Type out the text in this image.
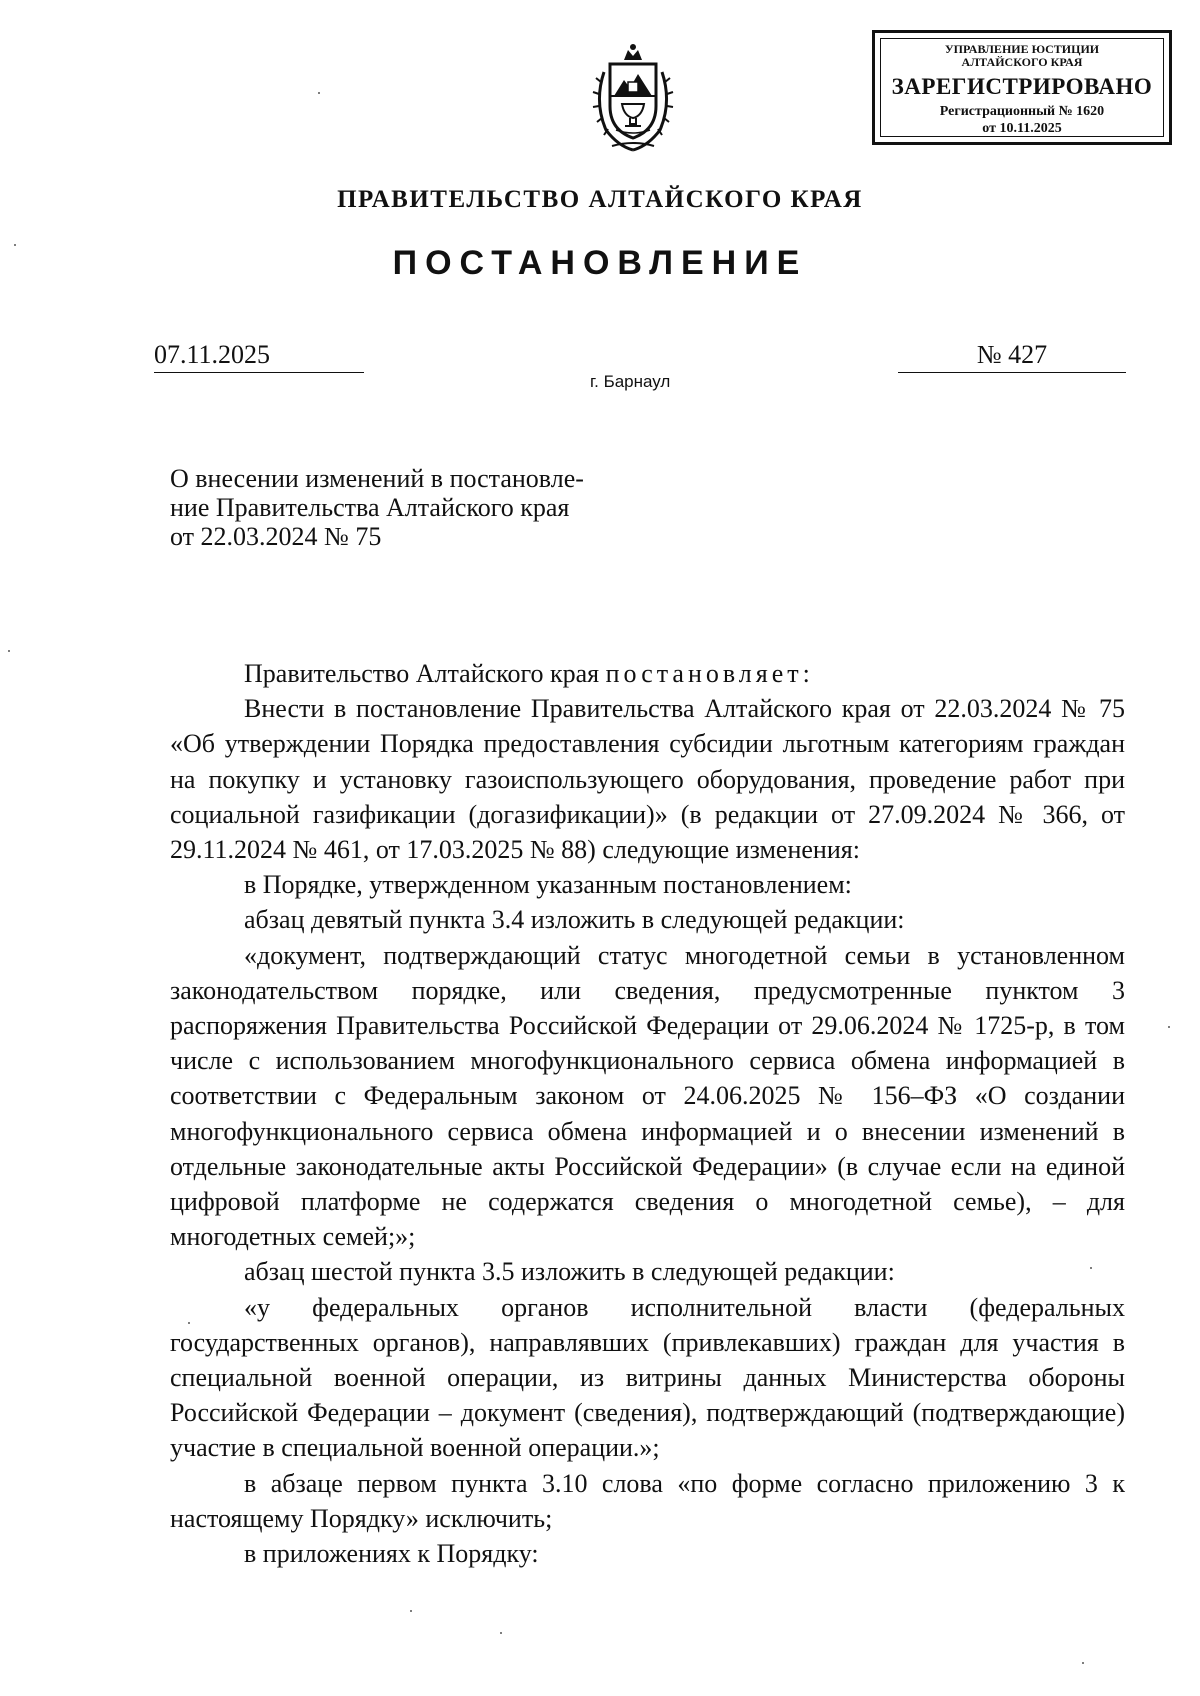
УПРАВЛЕНИЕ ЮСТИЦИИ
АЛТАЙСКОГО КРАЯ
ЗАРЕГИСТРИРОВАНО
Регистрационный № 1620
от 10.11.2025
ПРАВИТЕЛЬСТВО АЛТАЙСКОГО КРАЯ
ПОСТАНОВЛЕНИЕ
07.11.2025	№ 427
г. Барнаул
О внесении изменений в постановле-
ние Правительства Алтайского края
от 22.03.2024 № 75

Правительство Алтайского края постановляет:

Внести в постановление Правительства Алтайского края от 22.03.2024 № 75 «Об утверждении Порядка предоставления субсидии льготным категориям граждан на покупку и установку газоиспользующего оборудования, проведение работ при социальной газификации (догазификации)» (в редакции от 27.09.2024 № 366, от 29.11.2024 № 461, от 17.03.2025 № 88) следующие изменения:

в Порядке, утвержденном указанным постановлением:

абзац девятый пункта 3.4 изложить в следующей редакции:

«документ, подтверждающий статус многодетной семьи в установленном законодательством порядке, или сведения, предусмотренные пунктом 3 распоряжения Правительства Российской Федерации от 29.06.2024 № 1725-р, в том числе с использованием многофункционального сервиса обмена информацией в соответствии с Федеральным законом от 24.06.2025 № 156–ФЗ «О создании многофункционального сервиса обмена информацией и о внесении изменений в отдельные законодательные акты Российской Федерации» (в случае если на единой цифровой платформе не содержатся сведения о многодетной семье), – для многодетных семей;»;

абзац шестой пункта 3.5 изложить в следующей редакции:

«у федеральных органов исполнительной власти (федеральных государственных органов), направлявших (привлекавших) граждан для участия в специальной военной операции, из витрины данных Министерства обороны Российской Федерации – документ (сведения), подтверждающий (подтверждающие) участие в специальной военной операции.»;

в абзаце первом пункта 3.10 слова «по форме согласно приложению 3 к настоящему Порядку» исключить;

в приложениях к Порядку:
